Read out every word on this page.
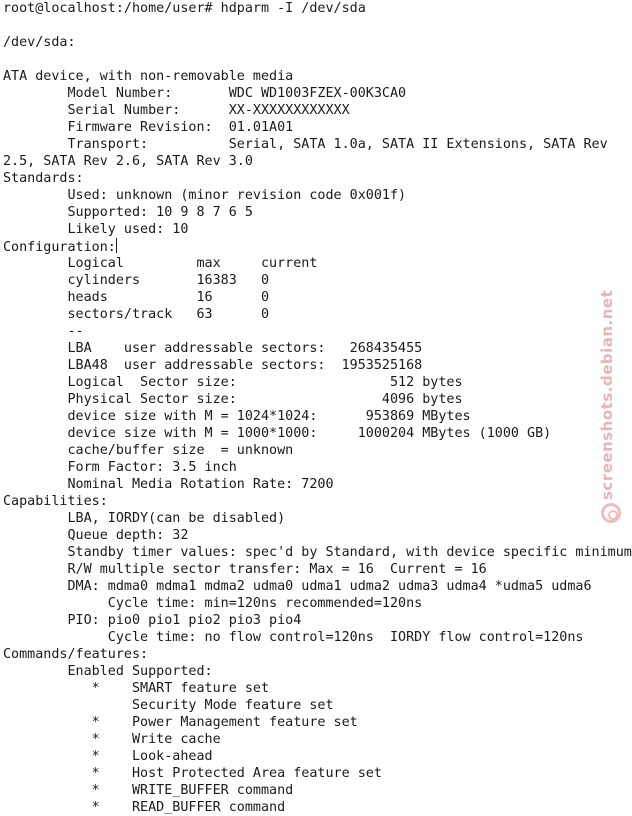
root@localhost:/home/user# hdparm -I /dev/sda
/dev/sda:
ATA device, with non-removable media
Model Number:       WDC WD1003FZEX-00K3CA0
Serial Number:      XX-XXXXXXXXXXXX
Firmware Revision:  01.01A01
Transport:          Serial, SATA 1.0a, SATA II Extensions, SATA Rev
2.5, SATA Rev 2.6, SATA Rev 3.0
Standards:
Used: unknown (minor revision code 0x001f)
Supported: 10 9 8 7 6 5
Likely used: 10
Configuration:
Logical         max     current
cylinders       16383   0
heads           16      0
sectors/track   63      0
--
LBA    user addressable sectors:   268435455
LBA48  user addressable sectors:  1953525168
Logical  Sector size:                   512 bytes
Physical Sector size:                  4096 bytes
device size with M = 1024*1024:      953869 MBytes
device size with M = 1000*1000:     1000204 MBytes (1000 GB)
cache/buffer size  = unknown
Form Factor: 3.5 inch
Nominal Media Rotation Rate: 7200
Capabilities:
LBA, IORDY(can be disabled)
Queue depth: 32
Standby timer values: spec'd by Standard, with device specific minimum
R/W multiple sector transfer: Max = 16  Current = 16
DMA: mdma0 mdma1 mdma2 udma0 udma1 udma2 udma3 udma4 *udma5 udma6
Cycle time: min=120ns recommended=120ns
PIO: pio0 pio1 pio2 pio3 pio4
Cycle time: no flow control=120ns  IORDY flow control=120ns
Commands/features:
Enabled Supported:
*    SMART feature set
Security Mode feature set
*    Power Management feature set
*    Write cache
*    Look-ahead
*    Host Protected Area feature set
*    WRITE_BUFFER command
*    READ_BUFFER command
screenshots.debian.net
